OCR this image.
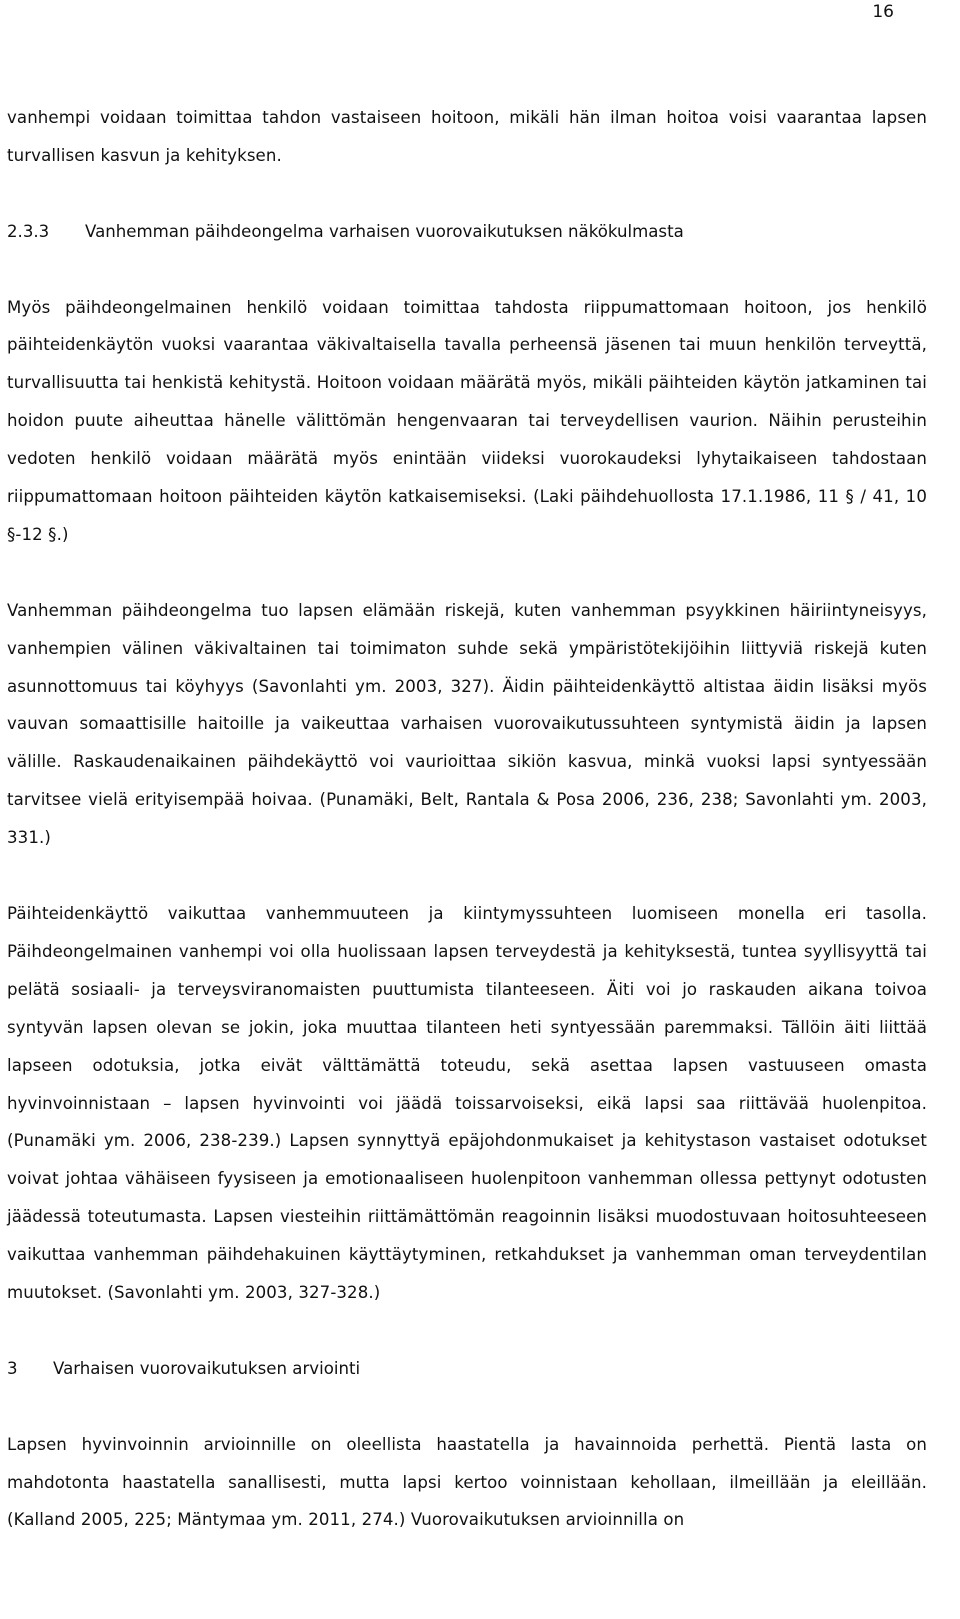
16

vanhempi voidaan toimittaa tahdon vastaiseen hoitoon, mikäli hän ilman hoitoa voisi vaarantaa lapsen turvallisen kasvun ja kehityksen.

2.3.3	Vanhemman päihdeongelma varhaisen vuorovaikutuksen näkökulmasta

Myös päihdeongelmainen henkilö voidaan toimittaa tahdosta riippumattomaan hoitoon, jos henkilö päihteidenkäytön vuoksi vaarantaa väkivaltaisella tavalla perheensä jäsenen tai muun henkilön terveyttä, turvallisuutta tai henkistä kehitystä. Hoitoon voidaan määrätä myös, mikäli päihteiden käytön jatkaminen tai hoidon puute aiheuttaa hänelle välittömän hengenvaaran tai terveydellisen vaurion. Näihin perusteihin vedoten henkilö voidaan määrätä myös enintään viideksi vuorokaudeksi lyhytaikaiseen tahdostaan riippumattomaan hoitoon päihteiden käytön katkaisemiseksi. (Laki päihdehuollosta 17.1.1986, 11 § / 41, 10 §-12 §.)

Vanhemman päihdeongelma tuo lapsen elämään riskejä, kuten vanhemman psyykkinen häiriintyneisyys, vanhempien välinen väkivaltainen tai toimimaton suhde sekä ympäristötekijöihin liittyviä riskejä kuten asunnottomuus tai köyhyys (Savonlahti ym. 2003, 327). Äidin päihteidenkäyttö altistaa äidin lisäksi myös vauvan somaattisille haitoille ja vaikeuttaa varhaisen vuorovaikutussuhteen syntymistä äidin ja lapsen välille. Raskaudenaikainen päihdekäyttö voi vaurioittaa sikiön kasvua, minkä vuoksi lapsi syntyessään tarvitsee vielä erityisempää hoivaa. (Punamäki, Belt, Rantala & Posa 2006, 236, 238; Savonlahti ym. 2003, 331.)

Päihteidenkäyttö vaikuttaa vanhemmuuteen ja kiintymyssuhteen luomiseen monella eri tasolla. Päihdeongelmainen vanhempi voi olla huolissaan lapsen terveydestä ja kehityksestä, tuntea syyllisyyttä tai pelätä sosiaali- ja terveysviranomaisten puuttumista tilanteeseen. Äiti voi jo raskauden aikana toivoa syntyvän lapsen olevan se jokin, joka muuttaa tilanteen heti syntyessään paremmaksi. Tällöin äiti liittää lapseen odotuksia, jotka eivät välttämättä toteudu, sekä asettaa lapsen vastuuseen omasta hyvinvoinnistaan – lapsen hyvinvointi voi jäädä toissarvoiseksi, eikä lapsi saa riittävää huolenpitoa. (Punamäki ym. 2006, 238-239.) Lapsen synnyttyä epäjohdonmukaiset ja kehitystason vastaiset odotukset voivat johtaa vähäiseen fyysiseen ja emotionaaliseen huolenpitoon vanhemman ollessa pettynyt odotusten jäädessä toteutumasta. Lapsen viesteihin riittämättömän reagoinnin lisäksi muodostuvaan hoitosuhteeseen vaikuttaa vanhemman päihdehakuinen käyttäytyminen, retkahdukset ja vanhemman oman terveydentilan muutokset. (Savonlahti ym. 2003, 327-328.)

3	Varhaisen vuorovaikutuksen arviointi

Lapsen hyvinvoinnin arvioinnille on oleellista haastatella ja havainnoida perhettä. Pientä lasta on mahdotonta haastatella sanallisesti, mutta lapsi kertoo voinnistaan kehollaan, ilmeillään ja eleillään. (Kalland 2005, 225; Mäntymaa ym. 2011, 274.) Vuorovaikutuksen arvioinnilla on
